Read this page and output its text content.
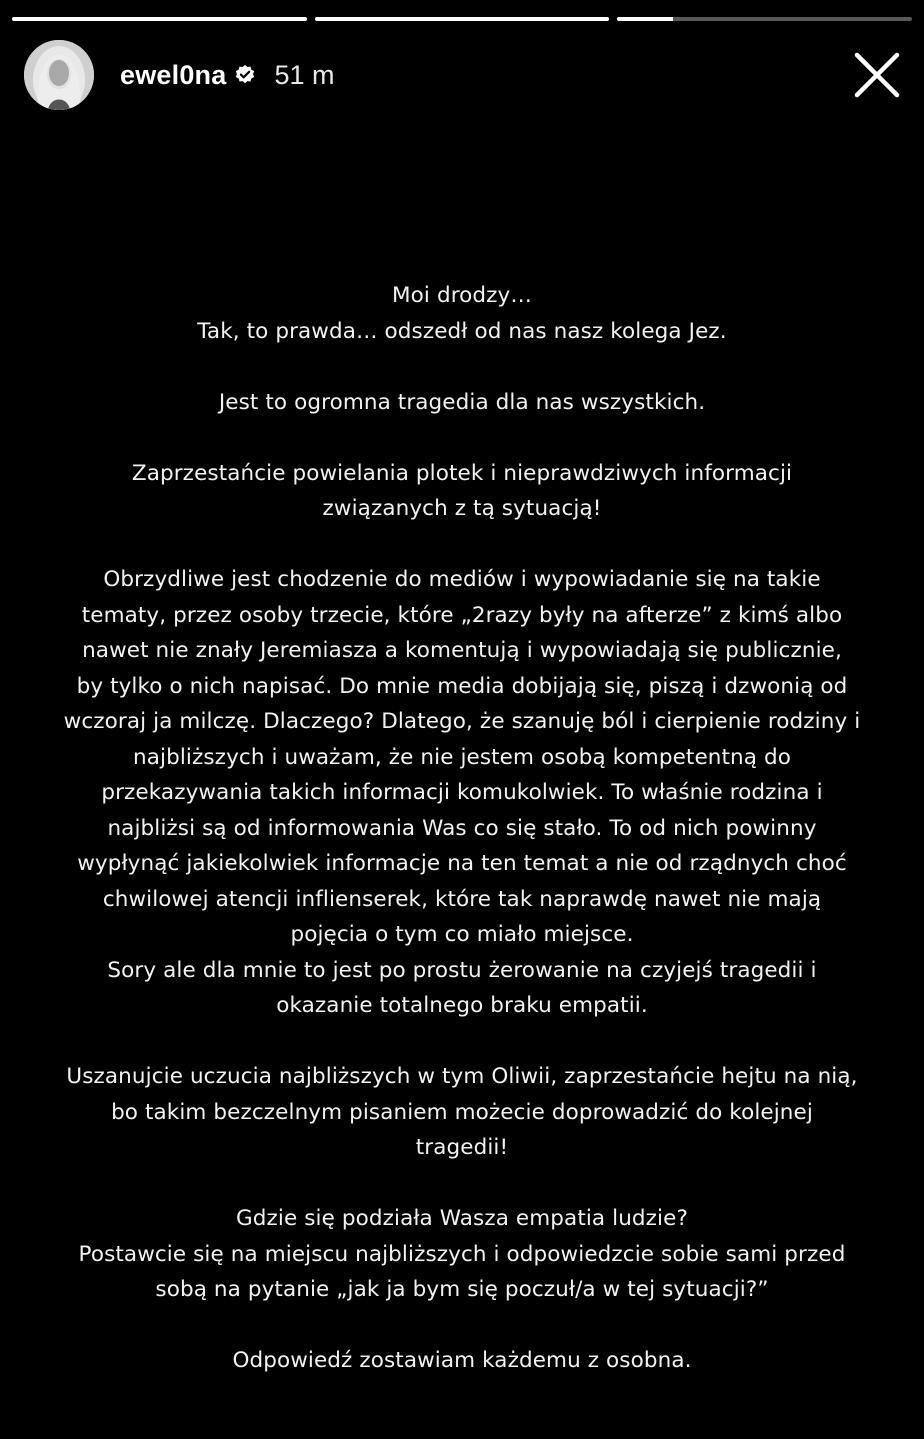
ewel0na 51 m

Moi drodzy…

Tak, to prawda… odszedł od nas nasz kolega Jez.

Jest to ogromna tragedia dla nas wszystkich.

Zaprzestańcie powielania plotek i nieprawdziwych informacji

związanych z tą sytuacją!

Obrzydliwe jest chodzenie do mediów i wypowiadanie się na takie

tematy, przez osoby trzecie, które „2razy były na afterze” z kimś albo

nawet nie znały Jeremiasza a komentują i wypowiadają się publicznie,

by tylko o nich napisać. Do mnie media dobijają się, piszą i dzwonią od

wczoraj ja milczę. Dlaczego? Dlatego, że szanuję ból i cierpienie rodziny i

najbliższych i uważam, że nie jestem osobą kompetentną do

przekazywania takich informacji komukolwiek. To właśnie rodzina i

najbliżsi są od informowania Was co się stało. To od nich powinny

wypłynąć jakiekolwiek informacje na ten temat a nie od rządnych choć

chwilowej atencji inflienserek, które tak naprawdę nawet nie mają

pojęcia o tym co miało miejsce.

Sory ale dla mnie to jest po prostu żerowanie na czyjejś tragedii i

okazanie totalnego braku empatii.

Uszanujcie uczucia najbliższych w tym Oliwii, zaprzestańcie hejtu na nią,

bo takim bezczelnym pisaniem możecie doprowadzić do kolejnej

tragedii!

Gdzie się podziała Wasza empatia ludzie?

Postawcie się na miejscu najbliższych i odpowiedzcie sobie sami przed

sobą na pytanie „jak ja bym się poczuł/a w tej sytuacji?”

Odpowiedź zostawiam każdemu z osobna.
